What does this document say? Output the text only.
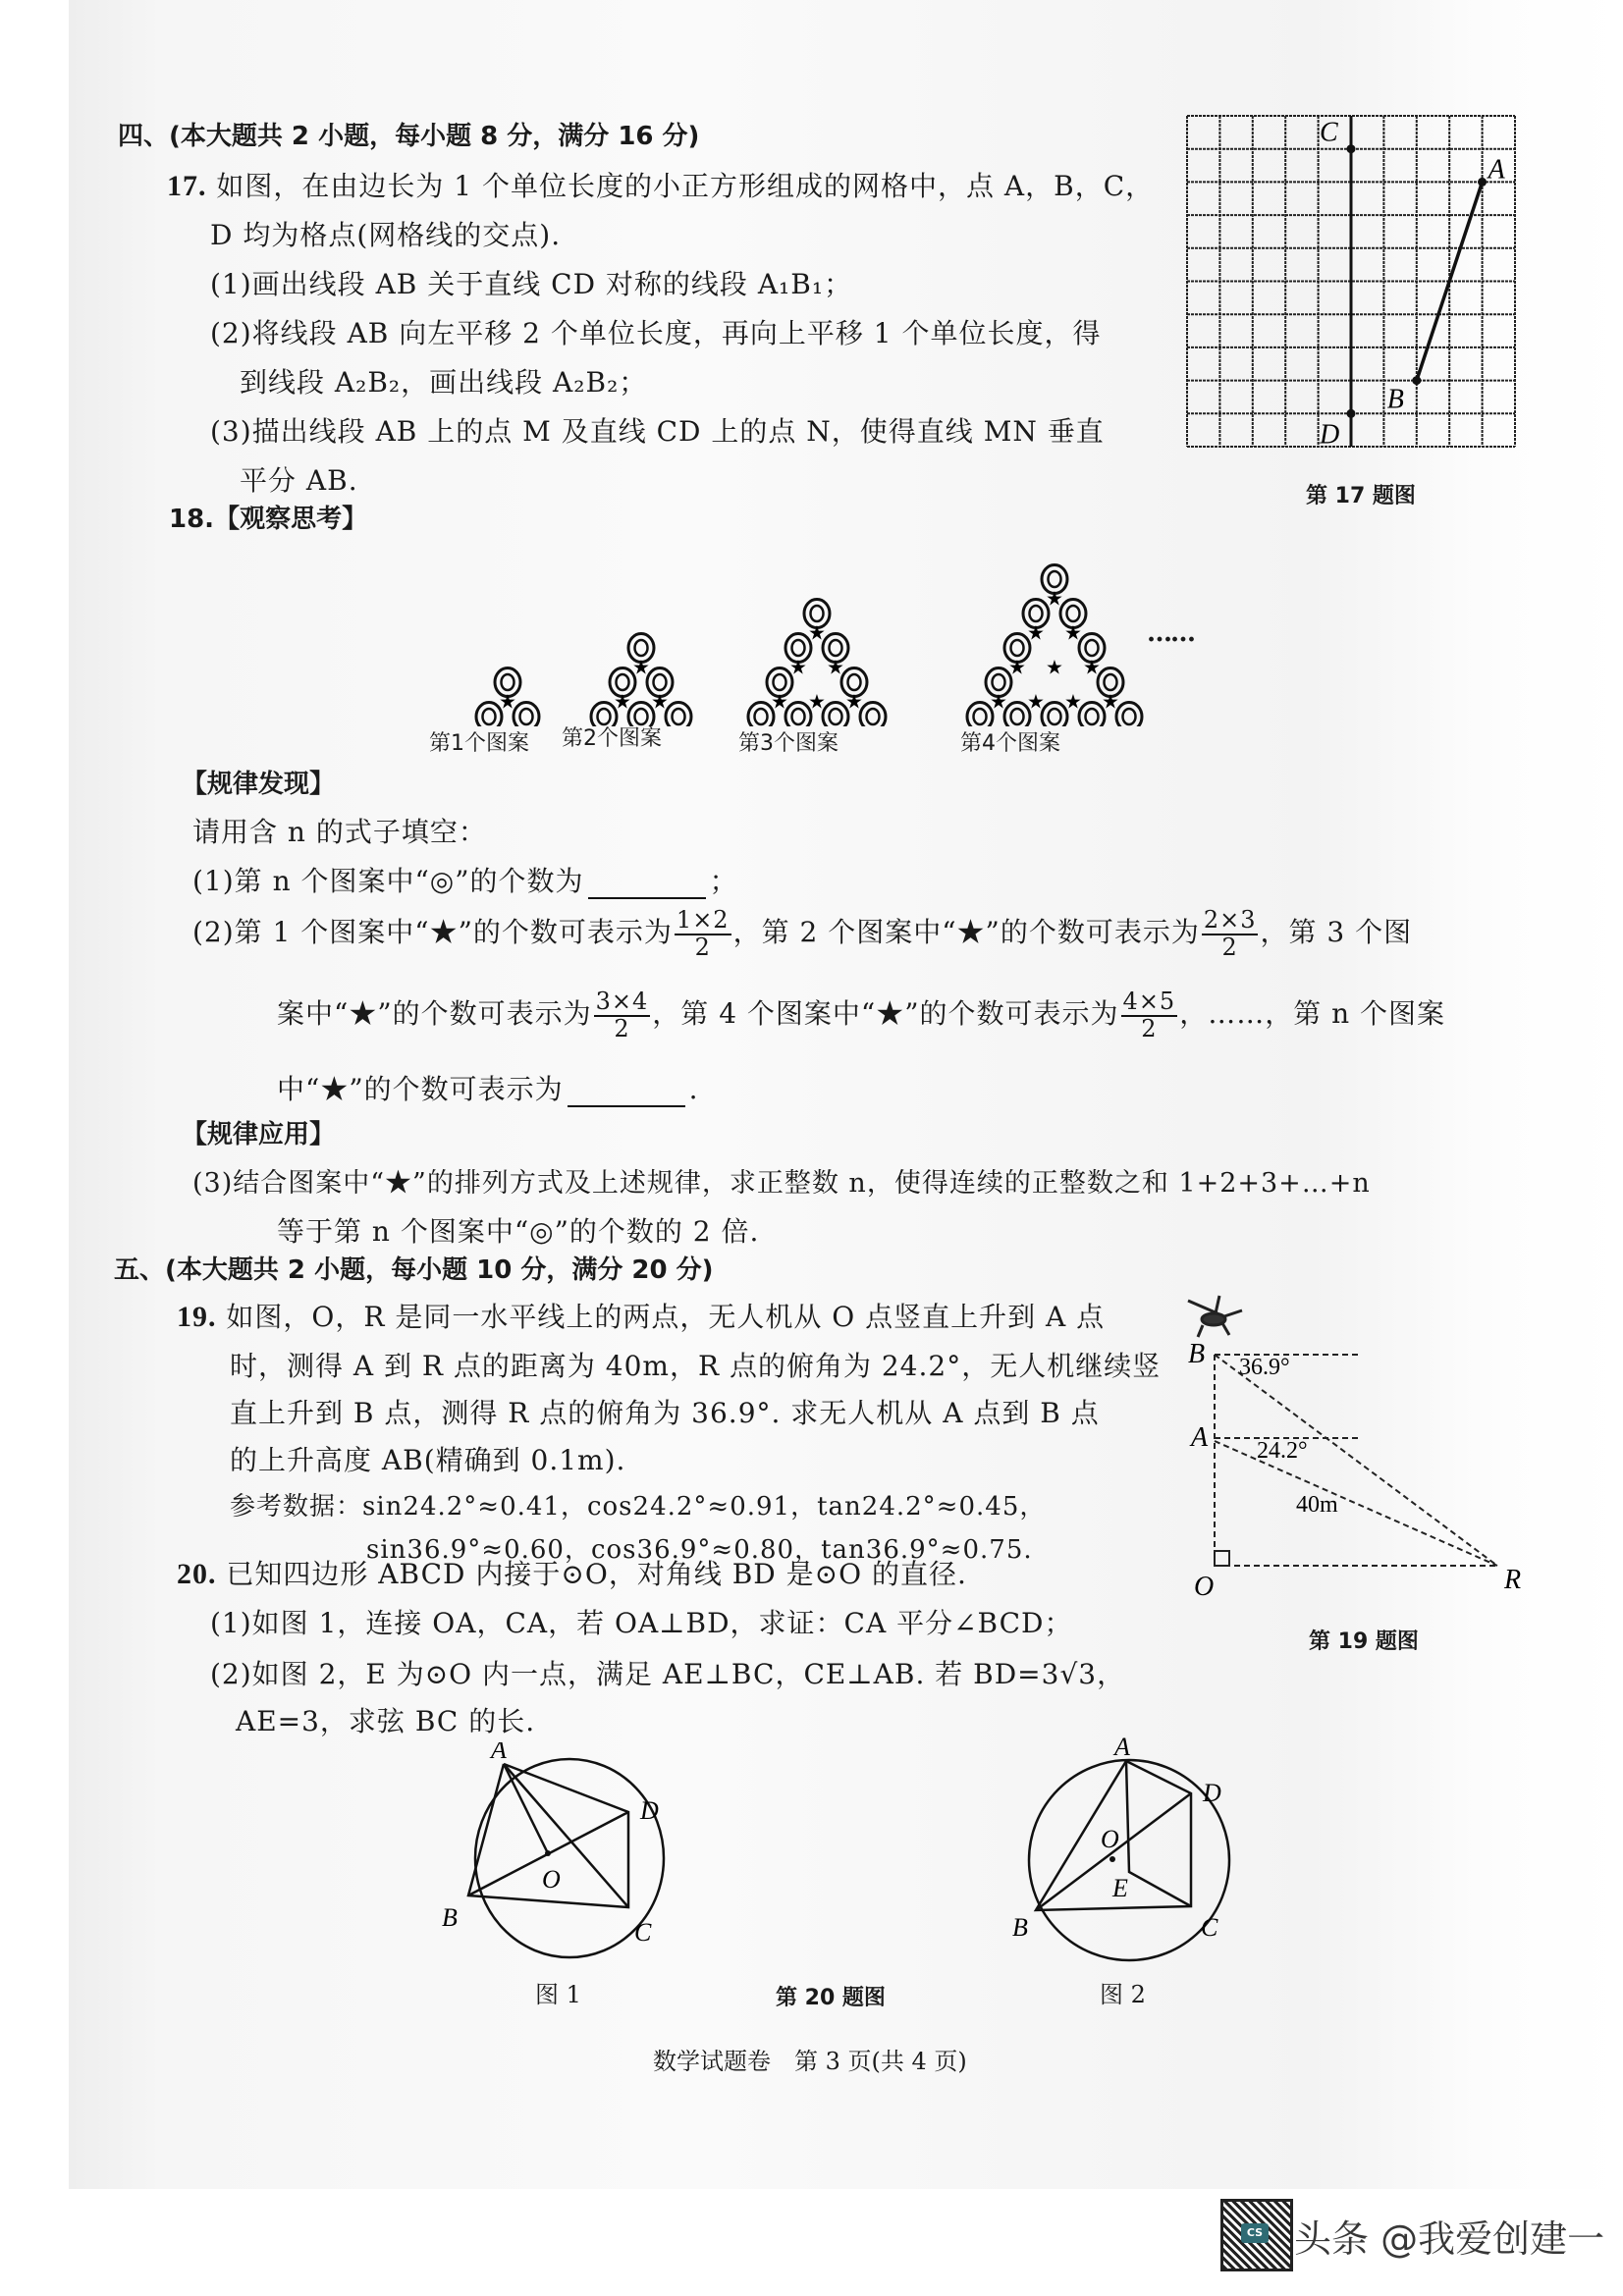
四、(本大题共 2 小题，每小题 8 分，满分 16 分)
17. 如图，在由边长为 1 个单位长度的小正方形组成的网格中，点 A，B，C，
D 均为格点(网格线的交点).
(1)画出线段 AB 关于直线 CD 对称的线段 A₁B₁；
(2)将线段 AB 向左平移 2 个单位长度，再向上平移 1 个单位长度，得
到线段 A₂B₂，画出线段 A₂B₂；
(3)描出线段 AB 上的点 M 及直线 CD 上的点 N，使得直线 MN 垂直
平分 AB.
A
B
C
D
第 17 题图
18.【观察思考】
★
★
★ ★
★
★ ★
★ ★ ★
★
★ ★
★ ★ ★
★ ★ ★ ★
……
第1个图案 第2个图案	第3个图案	第4个图案
【规律发现】
请用含 n 的式子填空：
(1)第 n 个图案中“◎”的个数为	；
(2)第 1 个图案中“★”的个数可表示为 $\frac{1\times 2}{2}$ ，第 2 个图案中“★”的个数可表示为 $\frac{2\times 3}{2}$ ，第 3 个图
案中“★”的个数可表示为 $\frac{3\times 4}{2}$ ，第 4 个图案中“★”的个数可表示为 $\frac{4\times 5}{2}$ ，……，第 n 个图案
中“★”的个数可表示为	.
【规律应用】
(3)结合图案中“★”的排列方式及上述规律，求正整数 n，使得连续的正整数之和 1+2+3+…+n
等于第 n 个图案中“◎”的个数的 2 倍.
五、(本大题共 2 小题，每小题 10 分，满分 20 分)
19. 如图，O，R 是同一水平线上的两点，无人机从 O 点竖直上升到 A 点
时，测得 A 到 R 点的距离为 40m，R 点的俯角为 24.2°，无人机继续竖
直上升到 B 点，测得 R 点的俯角为 36.9°. 求无人机从 A 点到 B 点
的上升高度 AB(精确到 0.1m).
参考数据：sin24.2°≈0.41，cos24.2°≈0.91，tan24.2°≈0.45，
sin36.9°≈0.60，cos36.9°≈0.80，tan36.9°≈0.75.
B
A
O	R
36.9°
24.2°
40m
第 19 题图
20. 已知四边形 ABCD 内接于⊙O，对角线 BD 是⊙O 的直径.
(1)如图 1，连接 OA，CA，若 OA⊥BD，求证：CA 平分∠BCD；
(2)如图 2，E 为⊙O 内一点，满足 AE⊥BC，CE⊥AB. 若 BD=3√3，
AE=3，求弦 BC 的长.
A
D
O
B
C
图 1
A
D
O
E
B	C
图 2
第 20 题图
数学试题卷　第 3 页(共 4 页)
CS 头条 @我爱创建一
